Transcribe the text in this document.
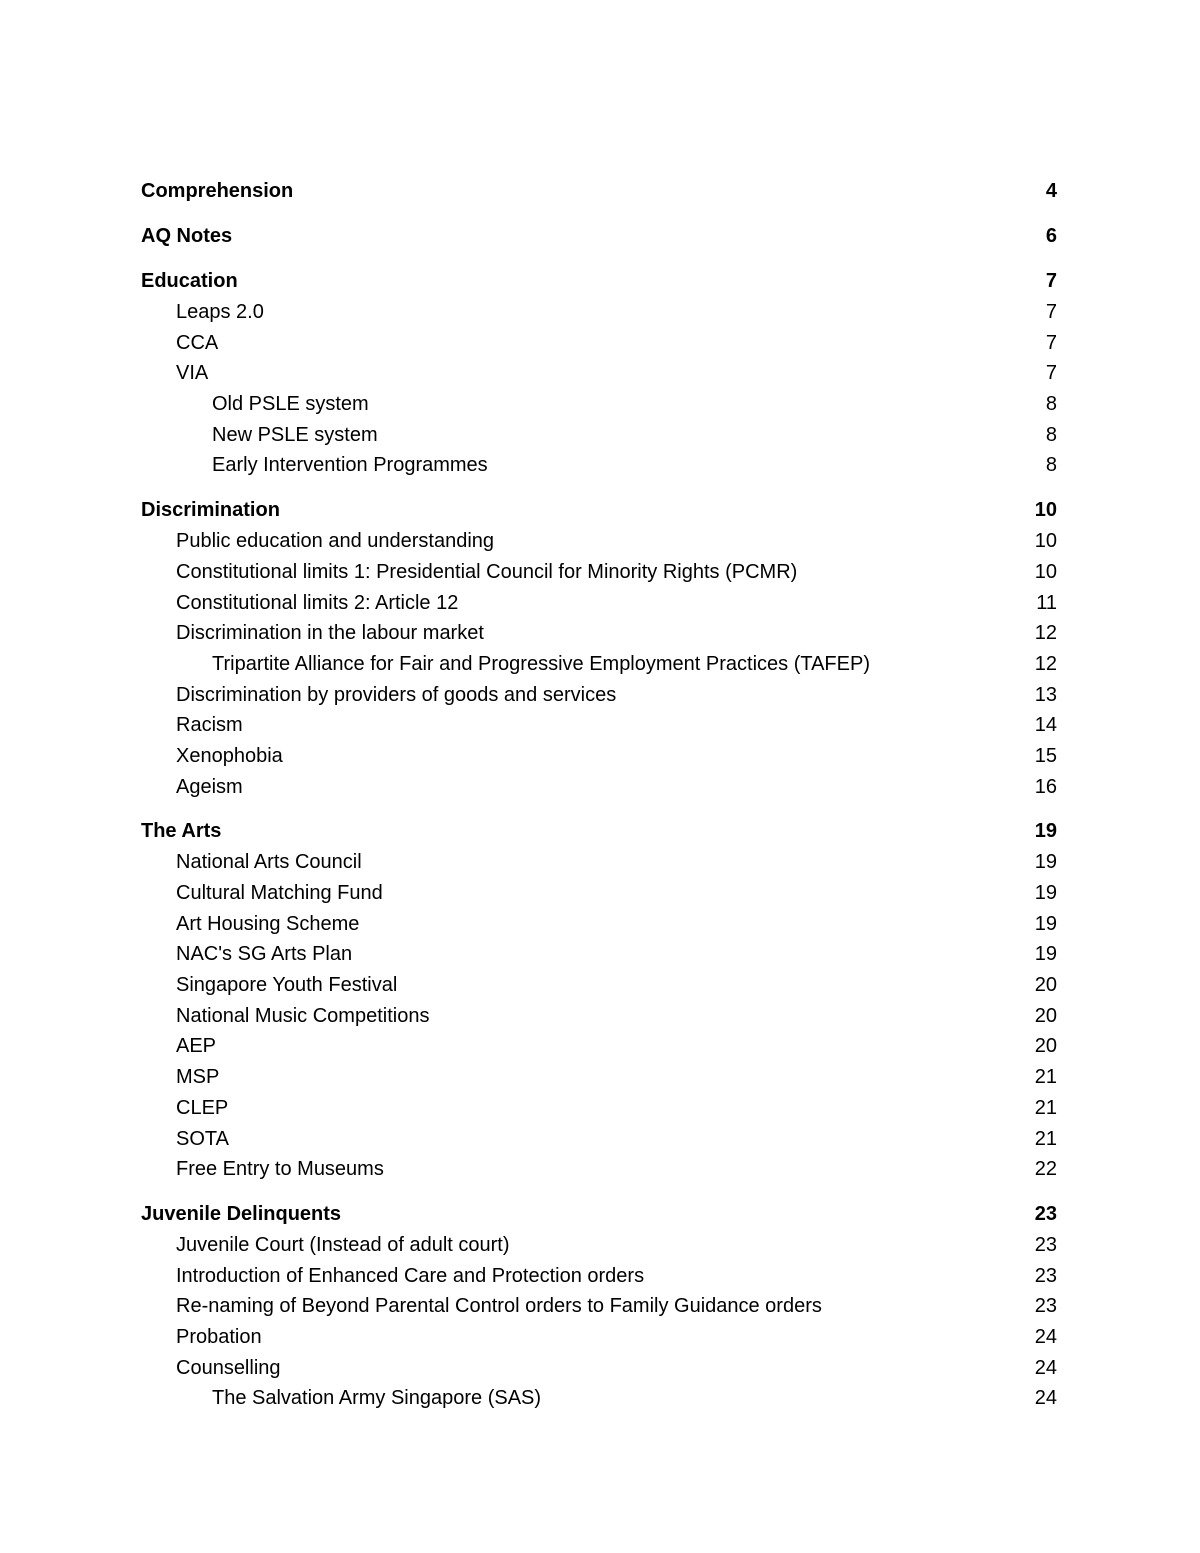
Comprehension	4
AQ Notes	6
Education	7
Leaps 2.0	7
CCA	7
VIA	7
Old PSLE system	8
New PSLE system	8
Early Intervention Programmes	8
Discrimination	10
Public education and understanding	10
Constitutional limits 1: Presidential Council for Minority Rights (PCMR)	10
Constitutional limits 2: Article 12	11
Discrimination in the labour market	12
Tripartite Alliance for Fair and Progressive Employment Practices (TAFEP)	12
Discrimination by providers of goods and services	13
Racism	14
Xenophobia	15
Ageism	16
The Arts	19
National Arts Council	19
Cultural Matching Fund	19
Art Housing Scheme	19
NAC's SG Arts Plan	19
Singapore Youth Festival	20
National Music Competitions	20
AEP	20
MSP	21
CLEP	21
SOTA	21
Free Entry to Museums	22
Juvenile Delinquents	23
Juvenile Court (Instead of adult court)	23
Introduction of Enhanced Care and Protection orders	23
Re-naming of Beyond Parental Control orders to Family Guidance orders	23
Probation	24
Counselling	24
The Salvation Army Singapore (SAS)	24
